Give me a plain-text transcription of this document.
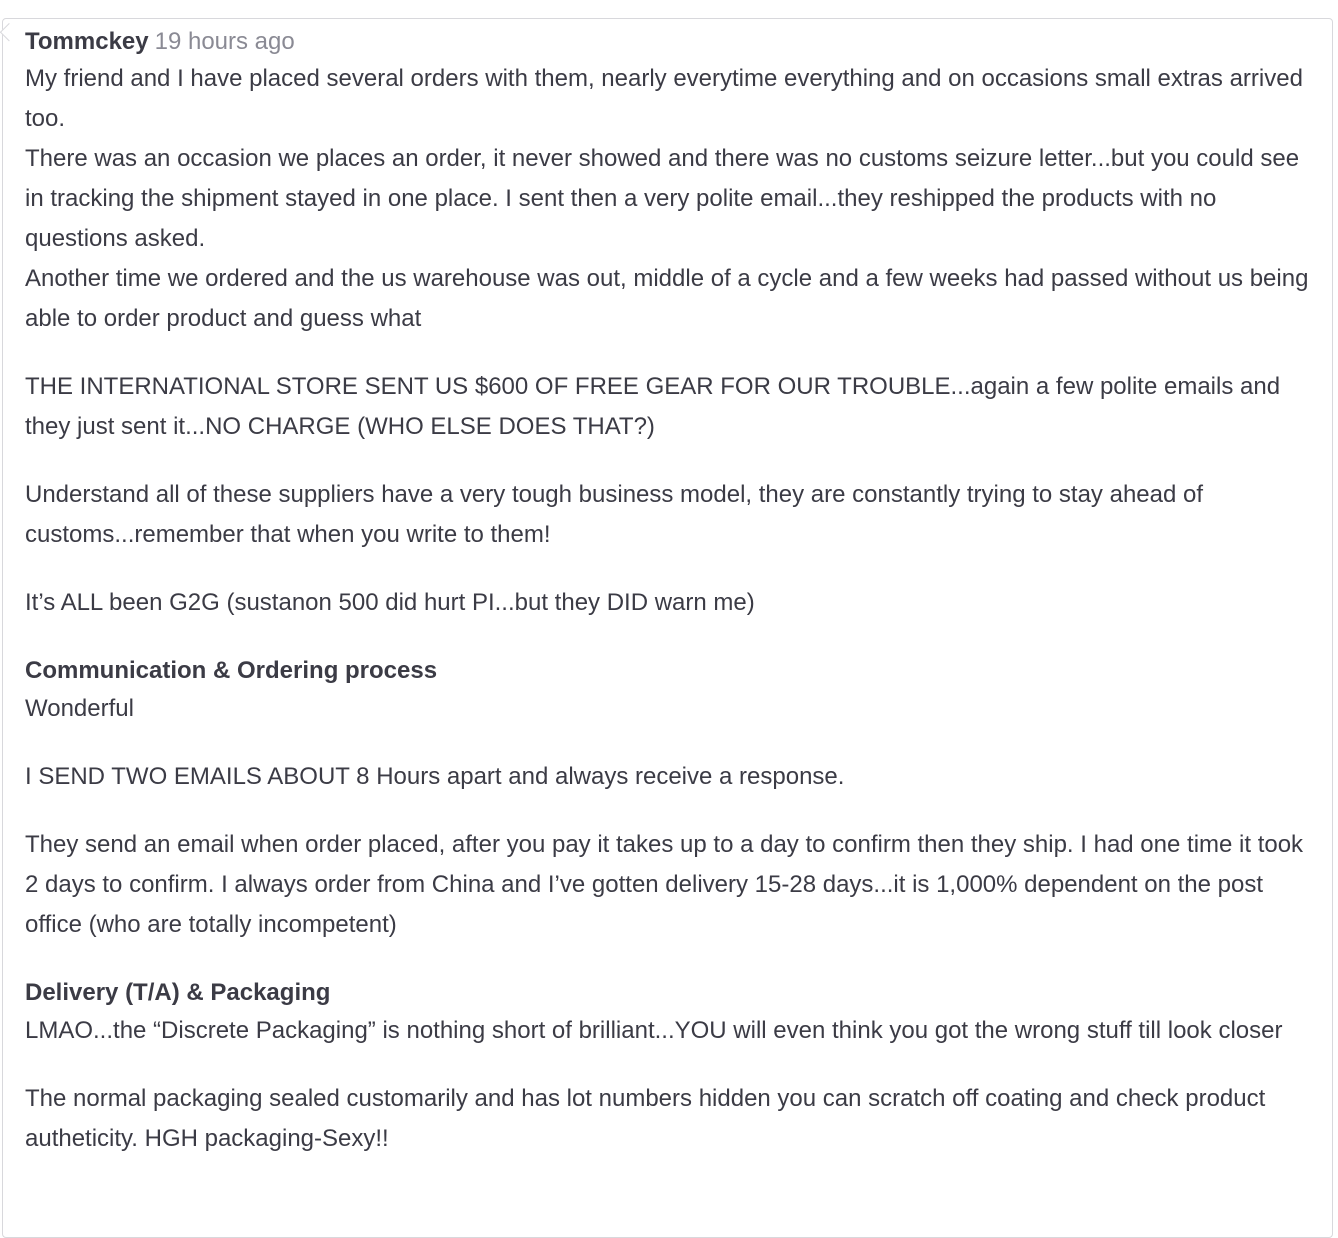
Tommckey 19 hours ago

My friend and I have placed several orders with them, nearly everytime everything and on occasions small extras arrived too.

There was an occasion we places an order, it never showed and there was no customs seizure letter...but you could see in tracking the shipment stayed in one place. I sent then a very polite email...they reshipped the products with no questions asked.

Another time we ordered and the us warehouse was out, middle of a cycle and a few weeks had passed without us being able to order product and guess what

THE INTERNATIONAL STORE SENT US $600 OF FREE GEAR FOR OUR TROUBLE...again a few polite emails and they just sent it...NO CHARGE (WHO ELSE DOES THAT?)

Understand all of these suppliers have a very tough business model, they are constantly trying to stay ahead of customs...remember that when you write to them!

It’s ALL been G2G (sustanon 500 did hurt PI...but they DID warn me)

Communication & Ordering process

Wonderful

I SEND TWO EMAILS ABOUT 8 Hours apart and always receive a response.

They send an email when order placed, after you pay it takes up to a day to confirm then they ship. I had one time it took 2 days to confirm. I always order from China and I’ve gotten delivery 15-28 days...it is 1,000% dependent on the post office (who are totally incompetent)

Delivery (T/A) & Packaging

LMAO...the “Discrete Packaging” is nothing short of brilliant...YOU will even think you got the wrong stuff till look closer

The normal packaging sealed customarily and has lot numbers hidden you can scratch off coating and check product autheticity. HGH packaging-Sexy!!
